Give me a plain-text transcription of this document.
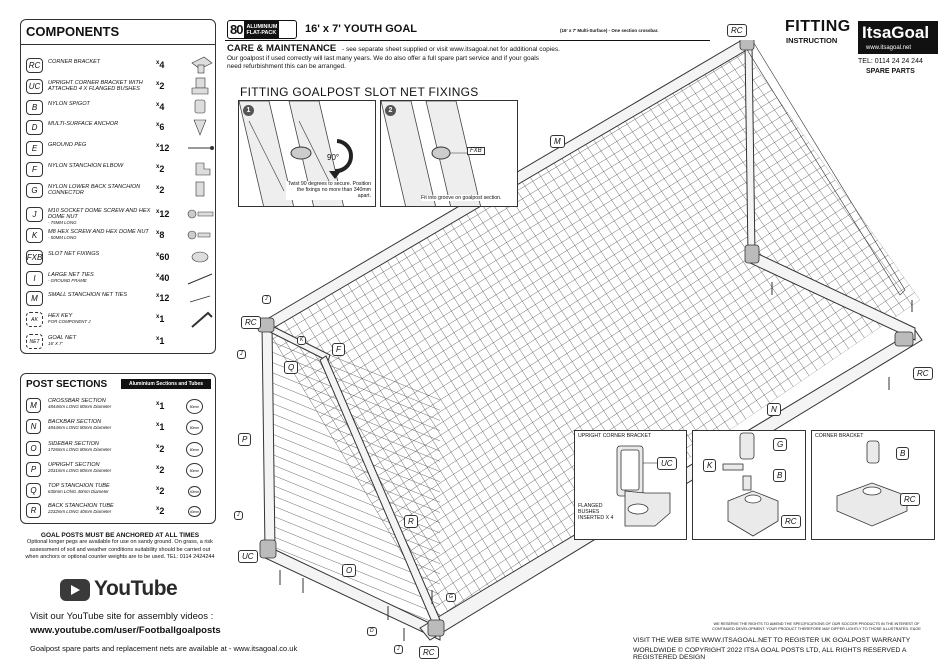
COMPONENTS
RC	CORNER BRACKET	$^x$4
UC	UPRIGHT CORNER BRACKET WITH ATTACHED 4 X FLANGED BUSHES
$^x$2
B	NYLON SPIGOT	$^x$4
D	MULTI-SURFACE ANCHOR	$^x$6
E	GROUND PEG	$^x$12
F	NYLON STANCHION ELBOW	$^x$2
G	NYLON LOWER BACK STANCHION CONNECTOR
$^x$2
J	M10 SOCKET DOME SCREW AND HEX DOME NUT
- 75MM LONG
$^x$12
K	M8 HEX SCREW AND HEX DOME NUT
- 50MM LONG
$^x$8
FXB SLOT NET FIXINGS	$^x$60
I	LARGE NET TIES
- GROUND FRAME
$^x$40
M	SMALL STANCHION NET TIES	$^x$12
AK
HEX KEY
FOR COMPONENT J
$^x$1
NET
GOAL NET
16' X 7'
$^x$1
POST SECTIONS	Aluminium Sections and Tubes
M	CROSSBAR SECTION
4844mm LONG 80mm Diameter	$^x$1	80mm
N	BACKBAR SECTION
4844mm LONG 80mm Diameter	$^x$1	80mm
O	SIDEBAR SECTION
1726mm LONG 80mm Diameter	$^x$2	80mm
P	UPRIGHT SECTION
2031mm LONG 80mm Diameter	$^x$2	80mm
Q	TOP STANCHION TUBE
630mm LONG 40mm Diameter	$^x$2	40mm
R	BACK STANCHION TUBE
2232mm LONG 40mm Diameter	$^x$2	40mm
GOAL POSTS MUST BE ANCHORED AT ALL TIMES
Optional longer pegs are available for use on sandy ground. On grass, a risk
assessment of soil and weather conditions suitability should be carried out
when anchors or optional counter weights are to be used. TEL: 0114 2424244
YouTube
Visit our YouTube site for assembly videos :
www.youtube.com/user/Footballgoalposts
Goalpost spare parts and replacement nets are available at - www.itsagoal.co.uk
80 ALUMINIUM
FLAT-PACK	16' x 7' YOUTH GOAL	(16' x 7' Multi-Surface) - One section crossbar.
CARE & MAINTENANCE - see separate sheet supplied or visit www.itsagoal.net for additional copies.
Our goalpost if used correctly will last many years. We do also offer a full spare part service and if your goals
need refurbishment this can be arranged.
FITTING
INSTRUCTION ItsaGoal
www.itsagoal.net
TEL: 0114 24 24 244
SPARE PARTS
RC
M
RC
F
Q
P
R
UC
O
RC
N
RC
J
J
K
J
J
D
G
FITTING GOALPOST SLOT NET FIXINGS
1
90°
Twist 90 degrees to secure. Position the fixings no more than 340mm apart.
2
FXB
Fit into groove on goalpost section.
UPRIGHT CORNER BRACKET
UC
FLANGED
BUSHES
INSERTED X 4
G
K
B
RC
CORNER BRACKET
B
RC
WE RESERVE THE RIGHTS TO AMEND THE SPECIFICATIONS OF OUR SOCCER PRODUCTS IN THE INTEREST OF
CONTINUED DEVELOPMENT. YOUR PRODUCT THEREFORE MAY DIFFER LIGHTLY TO THOSE ILLUSTRATED. E&OE
VISIT THE WEB SITE WWW.ITSAGOAL.NET TO REGISTER UK GOALPOST WARRANTY
WORLDWIDE © COPYRIGHT 2022 ITSA GOAL POSTS LTD, ALL RIGHTS RESERVED A REGISTERED DESIGN
